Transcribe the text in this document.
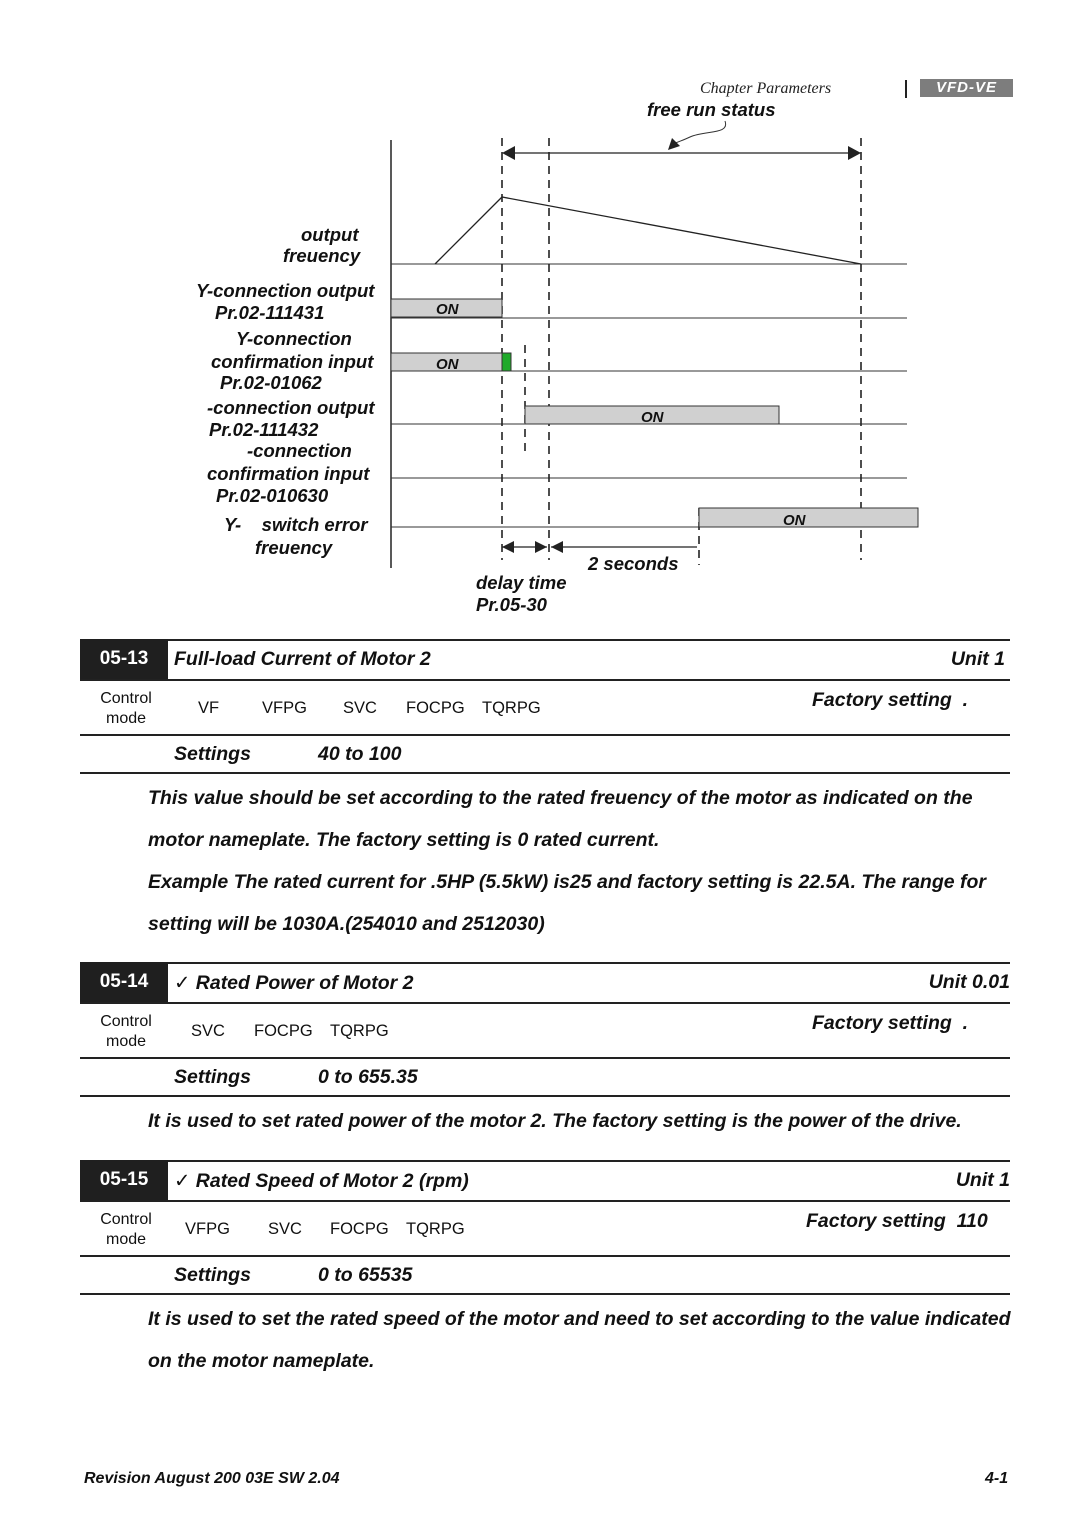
Chapter Parameters	VFD-VE
free run status
output
freuency
Y-connection output
Pr.02-111431
Y-connection
confirmation input
Pr.02-01062
-connection output
Pr.02-111432
-connection
confirmation input
Pr.02-010630
Y-    switch error
freuency
2 seconds
delay time
Pr.05-30
ON
ON
ON
ON
05-13	Full-load Current of Motor 2	Unit 1
Control
mode
VF	VFPG SVC FOCPG TQRPG	Factory setting  .
Settings	40 to 100
This value should be set according to the rated freuency of the motor as indicated on the
motor nameplate. The factory setting is 0 rated current.
Example The rated current for .5HP (5.5kW) is25 and factory setting is 22.5A. The range for
setting will be 1030A.(254010 and 2512030)
05-14	✓ Rated Power of Motor 2	Unit 0.01
Control
mode
SVC FOCPG TQRPG	Factory setting  .
Settings	0 to 655.35
It is used to set rated power of the motor 2. The factory setting is the power of the drive.
05-15	✓ Rated Speed of Motor 2 (rpm)	Unit 1
Control
mode
VFPG SVC FOCPG TQRPG	Factory setting  110
Settings	0 to 65535
It is used to set the rated speed of the motor and need to set according to the value indicated
on the motor nameplate.
Revision August 200 03E SW 2.04	4-1
